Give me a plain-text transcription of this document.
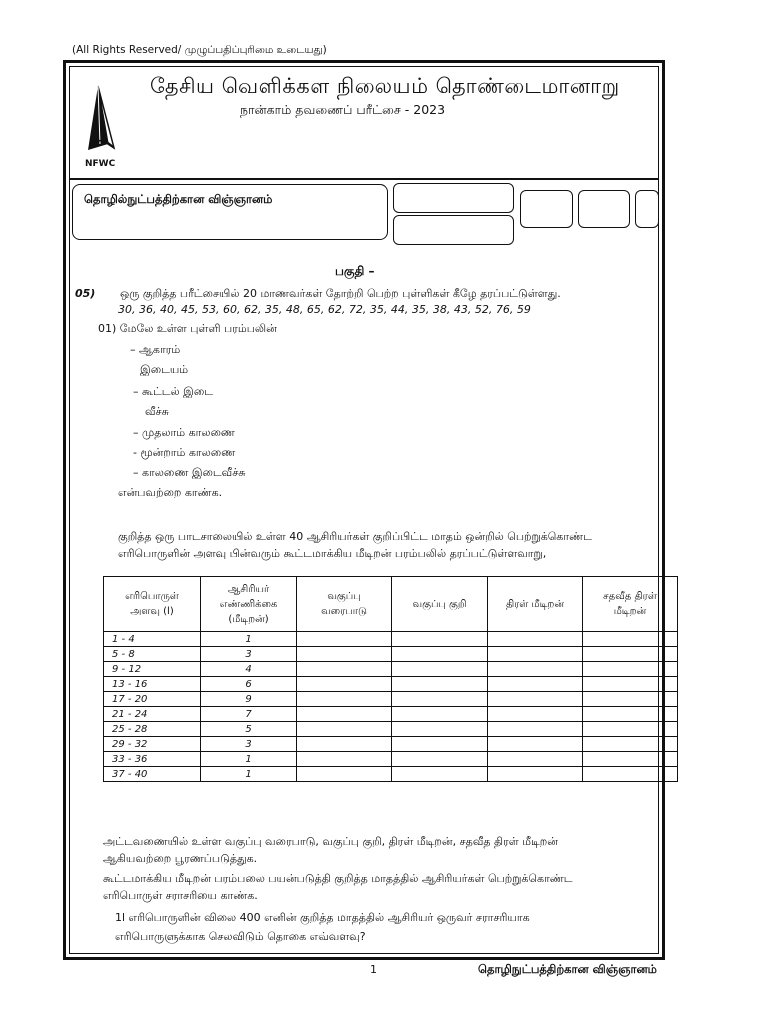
(All Rights Reserved/ முழுப்பதிப்புரிமை உடையது)
NFWC
தேசிய வெளிக்கள நிலையம் தொண்டைமானாறு
நான்காம் தவணைப் பரீட்சை - 2023
தொழில்நுட்பத்திற்கான விஞ்ஞானம்
பகுதி –
05) ஒரு குறித்த பரீட்சையில் 20 மாணவர்கள் தோற்றி பெற்ற புள்ளிகள் கீழே தரப்பட்டுள்ளது.
30, 36, 40, 45, 53, 60, 62, 35, 48, 65, 62, 72, 35, 44, 35, 38, 43, 52, 76, 59
01) மேலே உள்ள புள்ளி பரம்பலின்
– ஆகாரம்
இடையம்
– கூட்டல் இடை
வீச்சு
– முதலாம் காலணை
- மூன்றாம் காலணை
– காலணை இடைவீச்சு
என்பவற்றை காண்க.
குறித்த ஒரு பாடசாலையில் உள்ள 40 ஆசிரியர்கள் குறிப்பிட்ட மாதம் ஒன்றில் பெற்றுக்கொண்ட
எரிபொருளின் அளவு பின்வரும் கூட்டமாக்கிய மீடிறன் பரம்பலில் தரப்பட்டுள்ளவாறு,
எரிபொருள்
அளவு (l)	ஆசிரியர்
எண்ணிக்கை
(மீடிறன்)	வகுப்பு
வரைபாடு	வகுப்பு குறி	திரள் மீடிறன்	சதவீத திரள்
மீடிறன்
1 - 4	1				
5 - 8	3				
9 - 12	4				
13 - 16	6				
17 - 20	9				
21 - 24	7				
25 - 28	5				
29 - 32	3				
33 - 36	1				
37 - 40	1				
அட்டவணையில் உள்ள வகுப்பு வரைபாடு, வகுப்பு குறி, திரள் மீடிறன், சதவீத திரள் மீடிறன்
ஆகியவற்றை பூரணப்படுத்துக.
கூட்டமாக்கிய மீடிறன் பரம்பலை பயன்படுத்தி குறித்த மாதத்தில் ஆசிரியர்கள் பெற்றுக்கொண்ட
எரிபொருள் சராசரியை காண்க.
1l எரிபொருளின் விலை 400 எனின் குறித்த மாதத்தில் ஆசிரியர் ஒருவர் சராசரியாக
எரிபொருளுக்காக செலவிடும் தொகை எவ்வளவு?
1	தொழிநுட்பத்திற்கான விஞ்ஞானம்
